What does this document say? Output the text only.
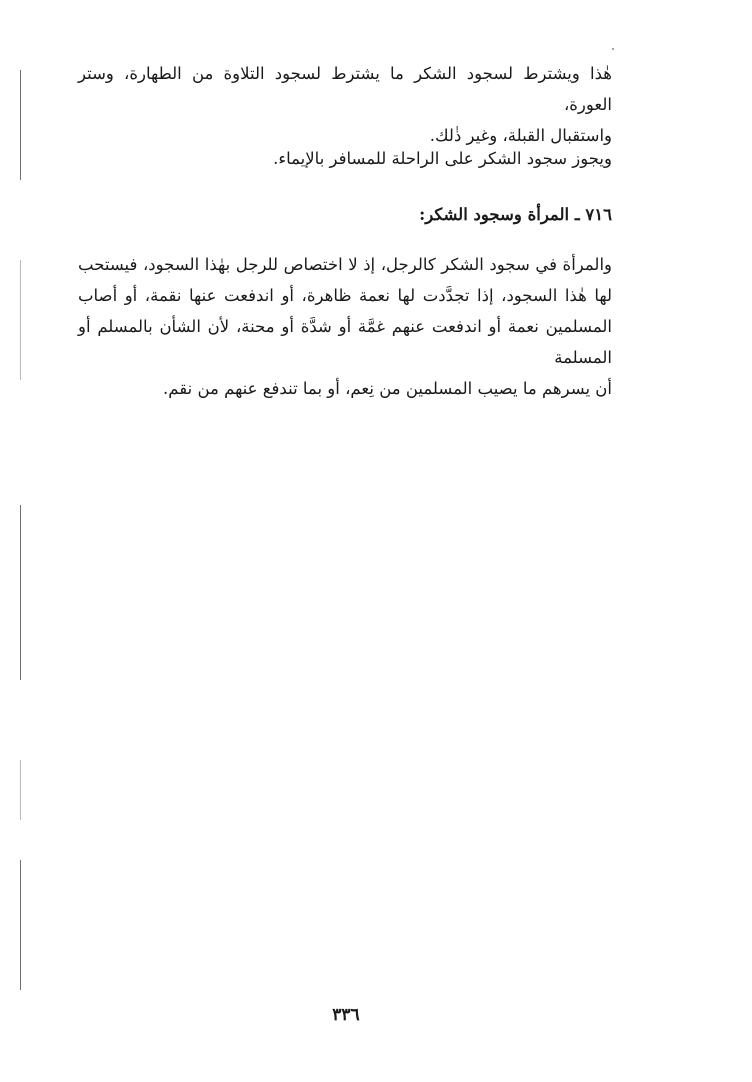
هٰذا ويشترط لسجود الشكر ما يشترط لسجود التلاوة من الطهارة، وستر العورة،
واستقبال القبلة، وغير ذٰلك.
ويجوز سجود الشكر على الراحلة للمسافر بالإيماء.
٧١٦ ـ المرأة وسجود الشكر:
والمرأة في سجود الشكر كالرجل، إذ لا اختصاص للرجل بهٰذا السجود، فيستحب
لها هٰذا السجود، إذا تجدَّدت لها نعمة ظاهرة، أو اندفعت عنها نقمة، أو أصاب
المسلمين نعمة أو اندفعت عنهم غمَّة أو شدَّة أو محنة، لأن الشأن بالمسلم أو المسلمة
أن يسرهم ما يصيب المسلمين من نِعم، أو بما تندفع عنهم من نقم.
٣٣٦
